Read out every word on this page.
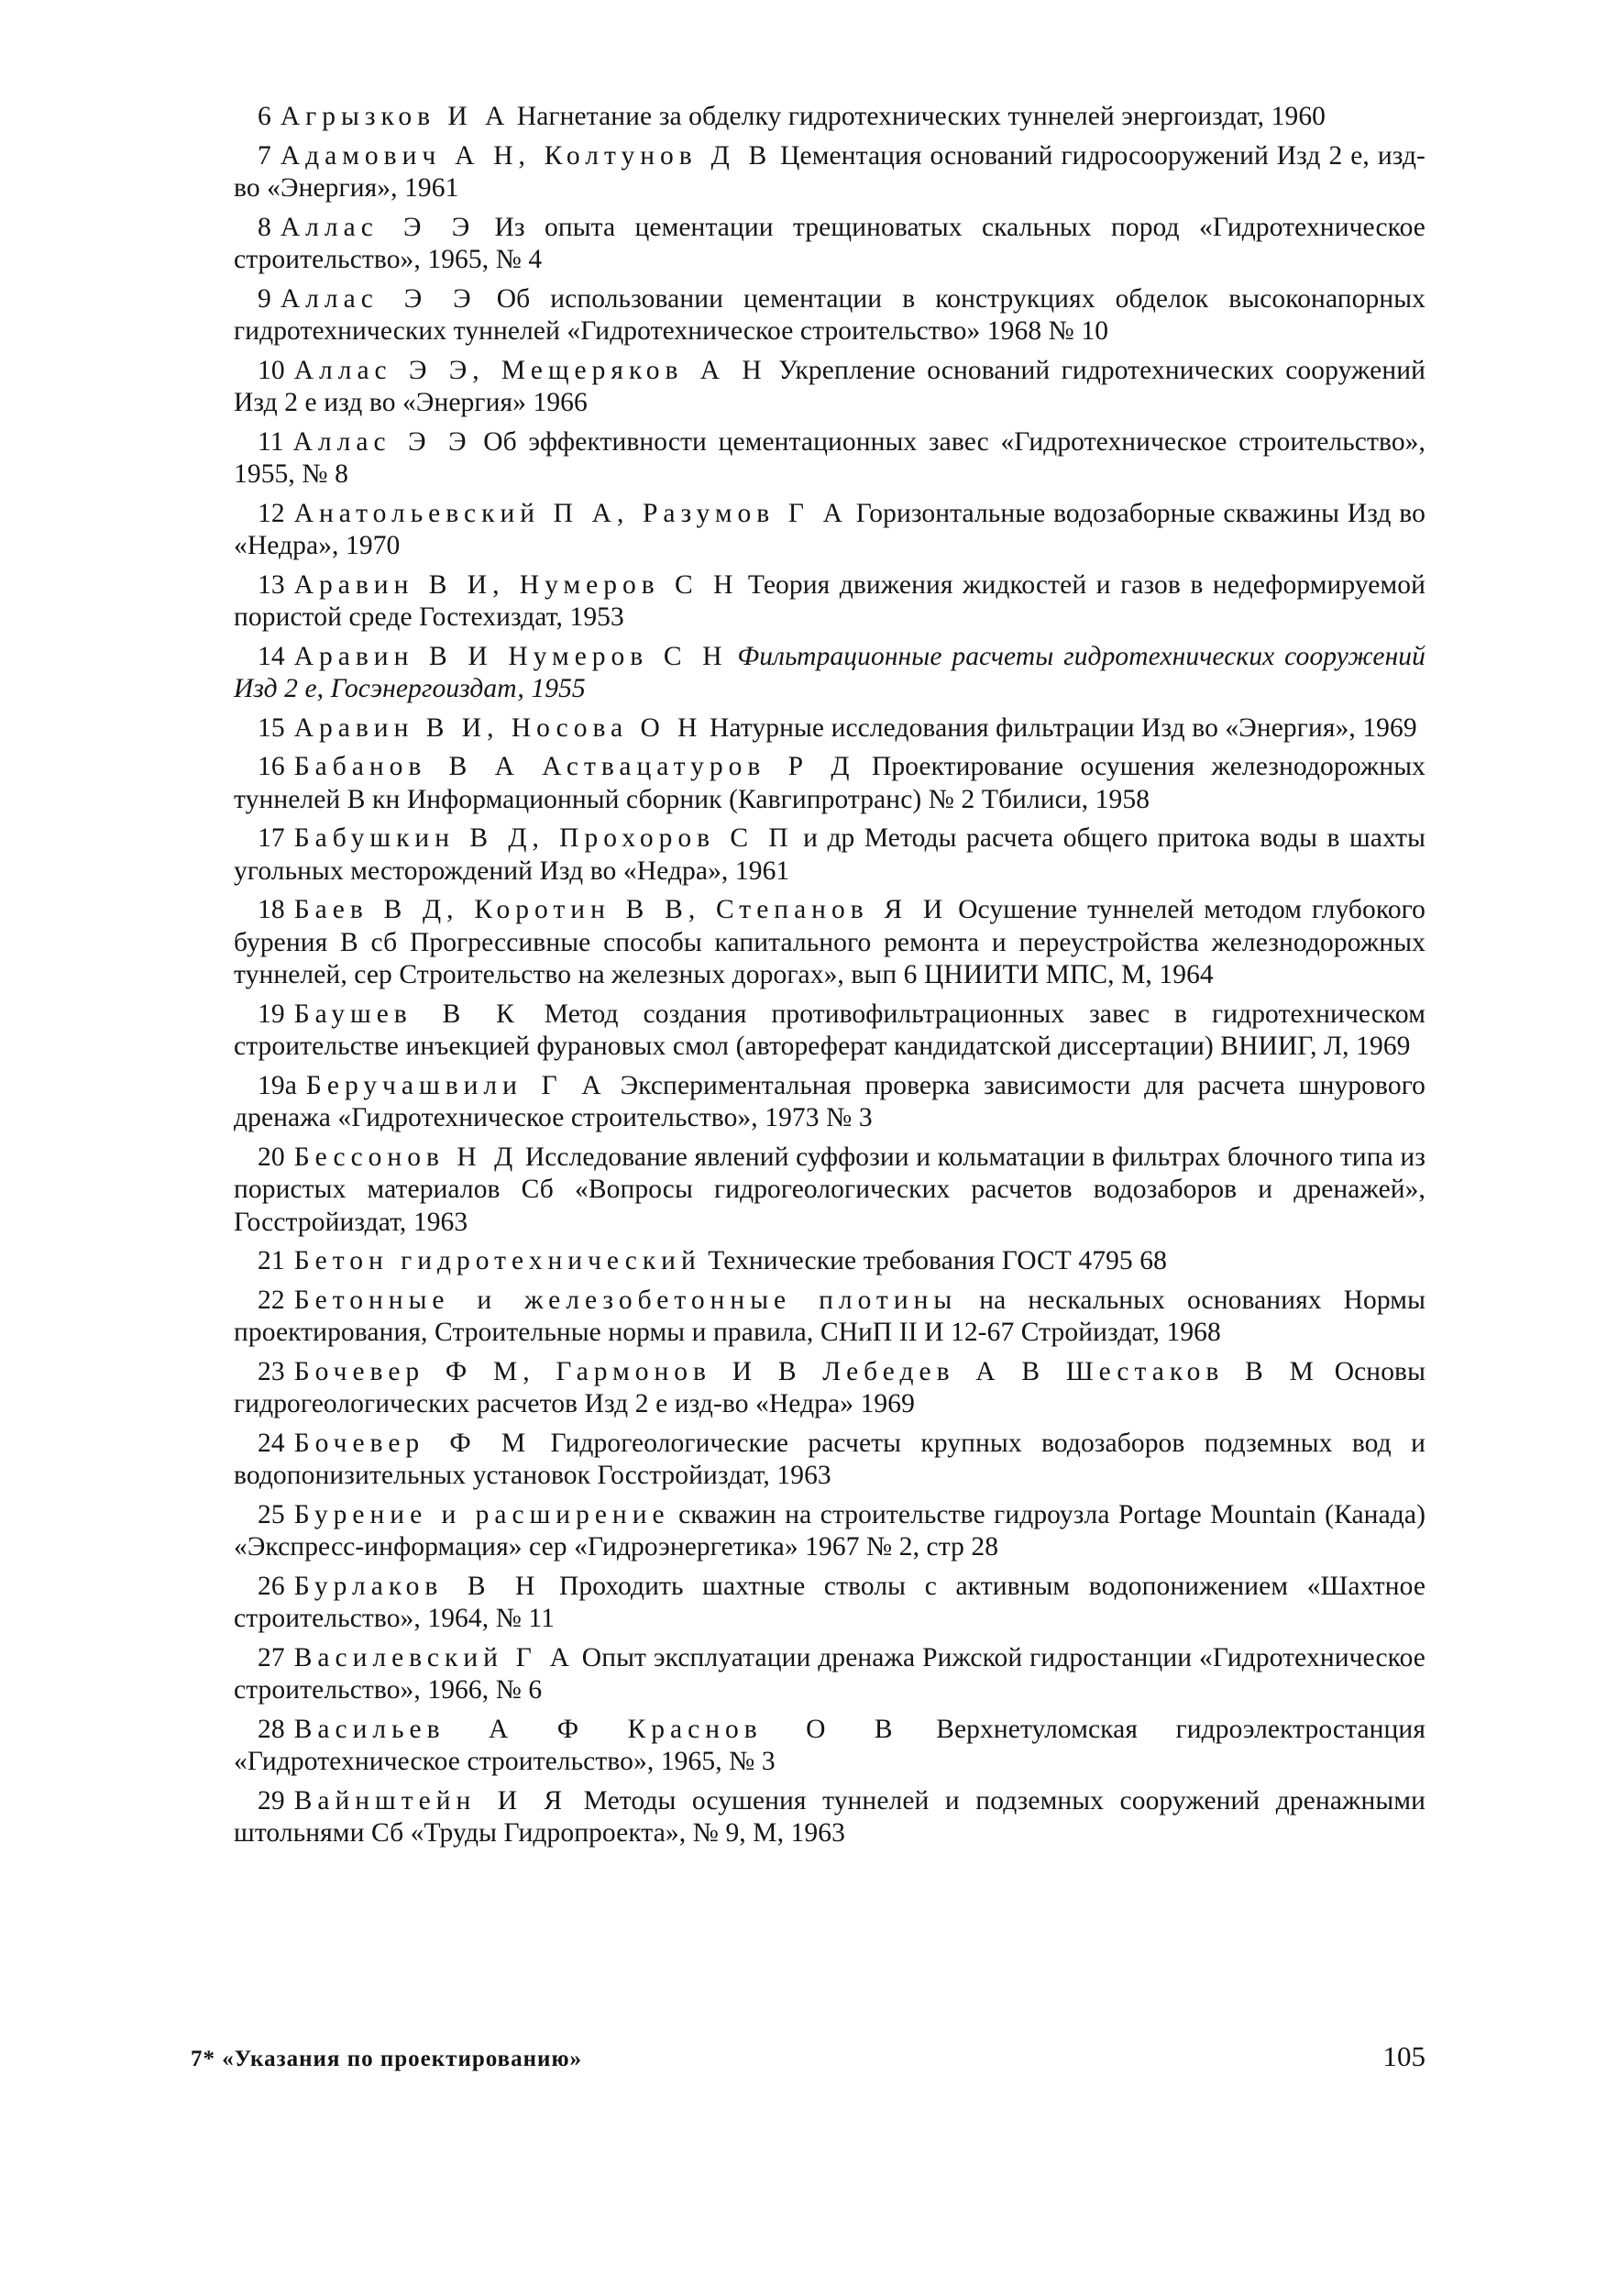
6 Агрызков И А Нагнетание за обделку гидротехнических туннелей энергоиздат, 1960
7 Адамович А Н, Колтунов Д В Цементация оснований гидросооружений Изд 2 е, изд-во «Энергия», 1961
8 Аллас Э Э Из опыта цементации трещиноватых скальных пород «Гидротехническое строительство», 1965, № 4
9 Аллас Э Э Об использовании цементации в конструкциях обделок высоконапорных гидротехнических туннелей «Гидротехническое строительство» 1968 № 10
10 Аллас Э Э, Мещеряков А Н Укрепление оснований гидротехнических сооружений Изд 2 е изд во «Энергия» 1966
11 Аллас Э Э Об эффективности цементационных завес «Гидротехническое строительство», 1955, № 8
12 Анатольевский П А, Разумов Г А Горизонтальные водозаборные скважины Изд во «Недра», 1970
13 Аравин В И, Нумеров С Н Теория движения жидкостей и газов в недеформируемой пористой среде Гостехиздат, 1953
14 Аравин В И Нумеров С Н Фильтрационные расчеты гидротехнических сооружений Изд 2 е, Госэнергоиздат, 1955
15 Аравин В И, Носова О Н Натурные исследования фильтрации Изд во «Энергия», 1969
16 Бабанов В А Аствацатуров Р Д Проектирование осушения железнодорожных туннелей В кн Информационный сборник (Кавгипротранс) № 2 Тбилиси, 1958
17 Бабушкин В Д, Прохоров С П и др Методы расчета общего притока воды в шахты угольных месторождений Изд во «Недра», 1961
18 Баев В Д, Коротин В В, Степанов Я И Осушение туннелей методом глубокого бурения В сб Прогрессивные способы капитального ремонта и переустройства железнодорожных туннелей, сер Строительство на железных дорогах», вып 6 ЦНИИТИ МПС, М, 1964
19 Баушев В К Метод создания противофильтрационных завес в гидротехническом строительстве инъекцией фурановых смол (автореферат кандидатской диссертации) ВНИИГ, Л, 1969
19а Беручашвили Г А Экспериментальная проверка зависимости для расчета шнурового дренажа «Гидротехническое строительство», 1973 № 3
20 Бессонов Н Д Исследование явлений суффозии и кольматации в фильтрах блочного типа из пористых материалов Сб «Вопросы гидрогеологических расчетов водозаборов и дренажей», Госстройиздат, 1963
21 Бетон гидротехнический Технические требования ГОСТ 4795 68
22 Бетонные и железобетонные плотины на нескальных основаниях Нормы проектирования, Строительные нормы и правила, СНиП II И 12-67 Стройиздат, 1968
23 Бочевер Ф М, Гармонов И В Лебедев А В Шестаков В М Основы гидрогеологических расчетов Изд 2 е изд-во «Недра» 1969
24 Бочевер Ф М Гидрогеологические расчеты крупных водозаборов подземных вод и водопонизительных установок Госстройиздат, 1963
25 Бурение и расширение скважин на строительстве гидроузла Portage Mountain (Канада) «Экспресс-информация» сер «Гидроэнергетика» 1967 № 2, стр 28
26 Бурлаков В Н Проходить шахтные стволы с активным водопонижением «Шахтное строительство», 1964, № 11
27 Василевский Г А Опыт эксплуатации дренажа Рижской гидростанции «Гидротехническое строительство», 1966, № 6
28 Васильев А Ф Краснов О В Верхнетуломская гидроэлектростанция «Гидротехническое строительство», 1965, № 3
29 Вайнштейн И Я Методы осушения туннелей и подземных сооружений дренажными штольнями Сб «Труды Гидропроекта», № 9, М, 1963
7* «Указания по проектированию»	105
